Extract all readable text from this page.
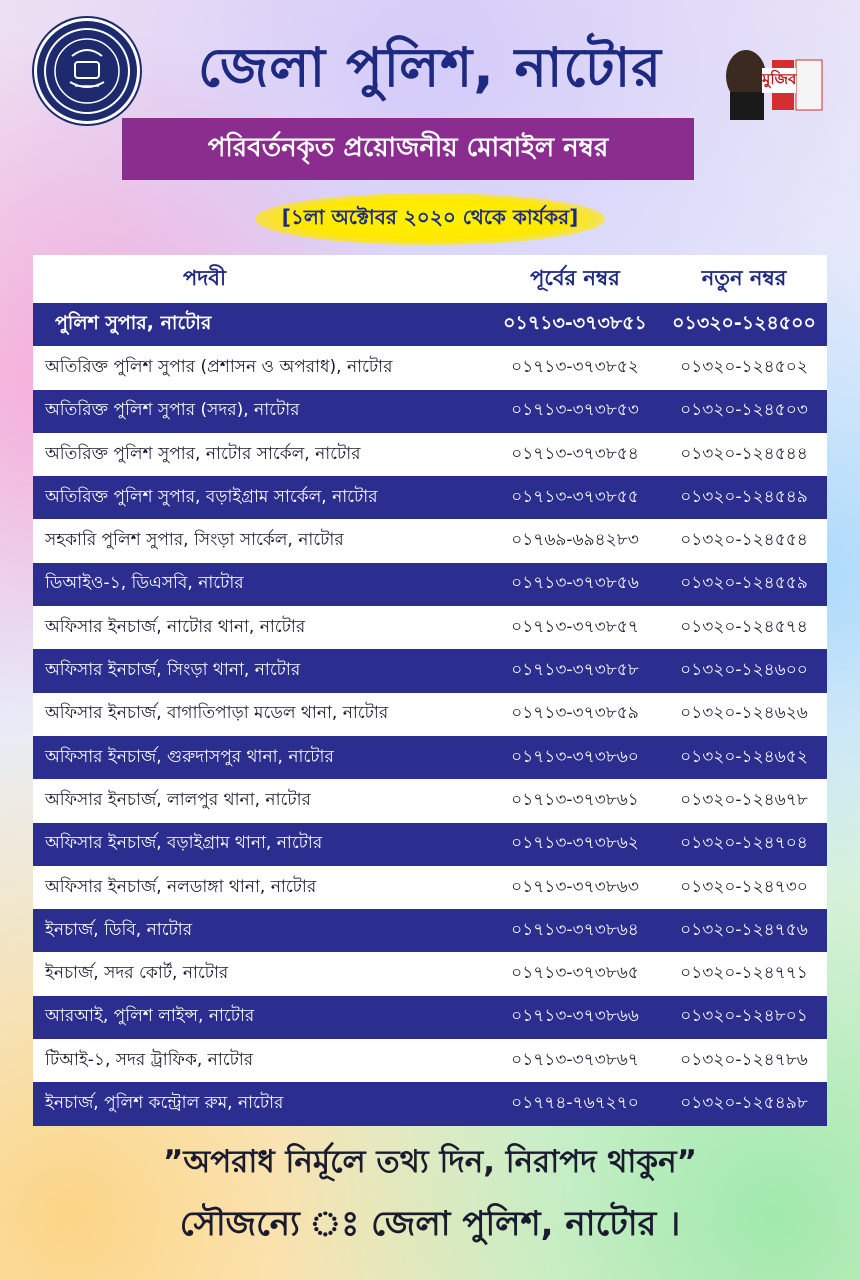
জেলা পুলিশ, নাটোর	মুজিব
পরিবর্তনকৃত প্রয়োজনীয় মোবাইল নম্বর
[১লা অক্টোবর ২০২০ থেকে কার্যকর]
পদবী	পূর্বের নম্বর	নতুন নম্বর
পুলিশ সুপার, নাটোর	০১৭১৩-৩৭৩৮৫১	০১৩২০-১২৪৫০০
অতিরিক্ত পুলিশ সুপার (প্রশাসন ও অপরাধ), নাটোর	০১৭১৩-৩৭৩৮৫২	০১৩২০-১২৪৫০২
অতিরিক্ত পুলিশ সুপার (সদর), নাটোর	০১৭১৩-৩৭৩৮৫৩	০১৩২০-১২৪৫০৩
অতিরিক্ত পুলিশ সুপার, নাটোর সার্কেল, নাটোর	০১৭১৩-৩৭৩৮৫৪	০১৩২০-১২৪৫৪৪
অতিরিক্ত পুলিশ সুপার, বড়াইগ্রাম সার্কেল, নাটোর	০১৭১৩-৩৭৩৮৫৫	০১৩২০-১২৪৫৪৯
সহকারি পুলিশ সুপার, সিংড়া সার্কেল, নাটোর	০১৭৬৯-৬৯৪২৮৩	০১৩২০-১২৪৫৫৪
ডিআইও-১, ডিএসবি, নাটোর	০১৭১৩-৩৭৩৮৫৬	০১৩২০-১২৪৫৫৯
অফিসার ইনচার্জ, নাটোর থানা, নাটোর	০১৭১৩-৩৭৩৮৫৭	০১৩২০-১২৪৫৭৪
অফিসার ইনচার্জ, সিংড়া থানা, নাটোর	০১৭১৩-৩৭৩৮৫৮	০১৩২০-১২৪৬০০
অফিসার ইনচার্জ, বাগাতিপাড়া মডেল থানা, নাটোর	০১৭১৩-৩৭৩৮৫৯	০১৩২০-১২৪৬২৬
অফিসার ইনচার্জ, গুরুদাসপুর থানা, নাটোর	০১৭১৩-৩৭৩৮৬০	০১৩২০-১২৪৬৫২
অফিসার ইনচার্জ, লালপুর থানা, নাটোর	০১৭১৩-৩৭৩৮৬১	০১৩২০-১২৪৬৭৮
অফিসার ইনচার্জ, বড়াইগ্রাম থানা, নাটোর	০১৭১৩-৩৭৩৮৬২	০১৩২০-১২৪৭০৪
অফিসার ইনচার্জ, নলডাঙ্গা থানা, নাটোর	০১৭১৩-৩৭৩৮৬৩	০১৩২০-১২৪৭৩০
ইনচার্জ, ডিবি, নাটোর	০১৭১৩-৩৭৩৮৬৪	০১৩২০-১২৪৭৫৬
ইনচার্জ, সদর কোর্ট, নাটোর	০১৭১৩-৩৭৩৮৬৫	০১৩২০-১২৪৭৭১
আরআই, পুলিশ লাইন্স, নাটোর	০১৭১৩-৩৭৩৮৬৬	০১৩২০-১২৪৮০১
টিআই-১, সদর ট্রাফিক, নাটোর	০১৭১৩-৩৭৩৮৬৭	০১৩২০-১২৪৭৮৬
ইনচার্জ, পুলিশ কন্ট্রোল রুম, নাটোর	০১৭৭৪-৭৬৭২৭০	০১৩২০-১২৫৪৯৮
”অপরাধ নির্মূলে তথ্য দিন, নিরাপদ থাকুন”
সৌজন্যে ঃ জেলা পুলিশ, নাটোর ।
